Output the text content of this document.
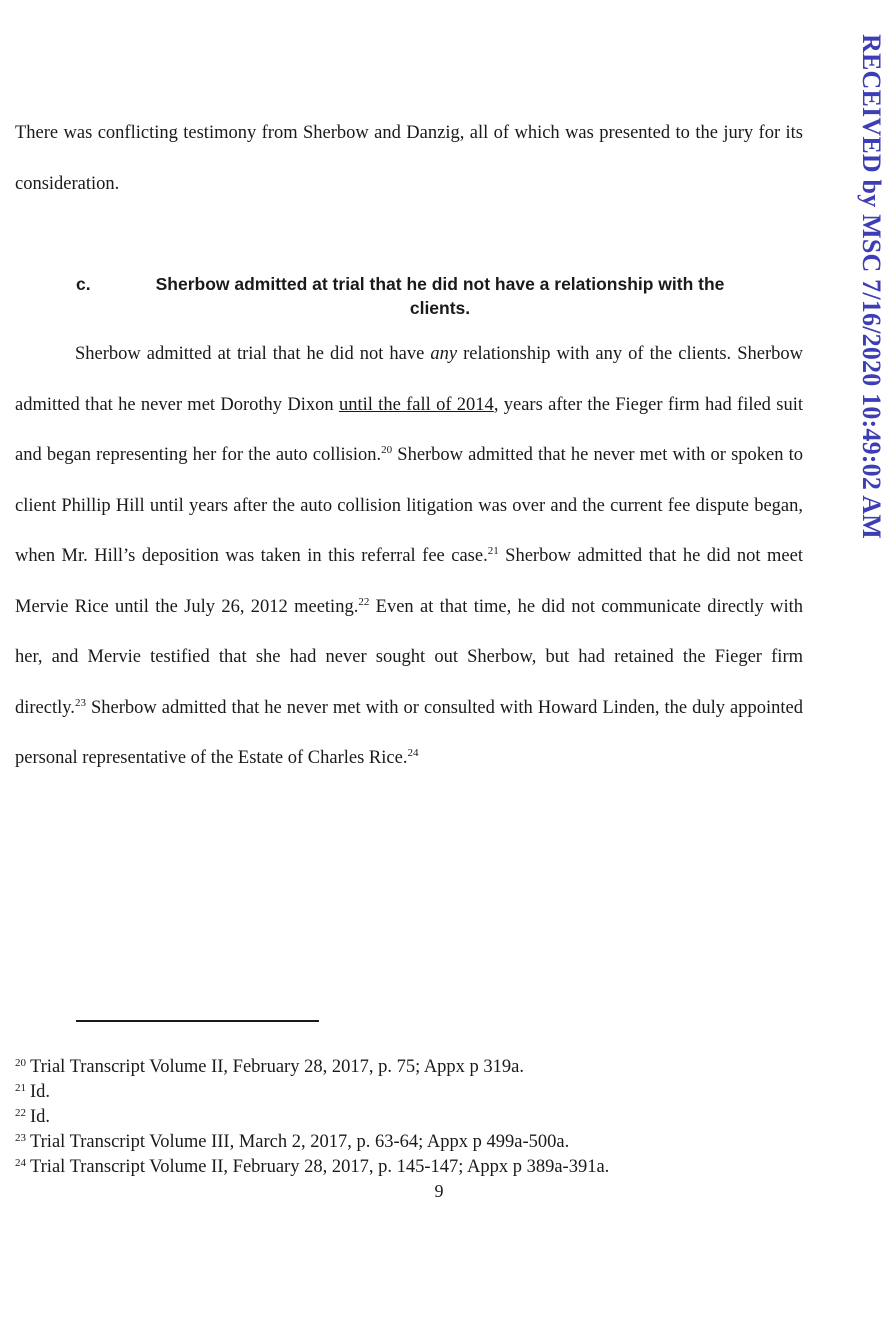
RECEIVED by MSC 7/16/2020 10:49:02 AM

There was conflicting testimony from Sherbow and Danzig, all of which was presented to the jury for its consideration.

c.	Sherbow admitted at trial that he did not have a relationship with the clients.

Sherbow admitted at trial that he did not have any relationship with any of the clients. Sherbow admitted that he never met Dorothy Dixon until the fall of 2014, years after the Fieger firm had filed suit and began representing her for the auto collision.$^{20}$ Sherbow admitted that he never met with or spoken to client Phillip Hill until years after the auto collision litigation was over and the current fee dispute began, when Mr. Hill’s deposition was taken in this referral fee case.$^{21}$ Sherbow admitted that he did not meet Mervie Rice until the July 26, 2012 meeting.$^{22}$ Even at that time, he did not communicate directly with her, and Mervie testified that she had never sought out Sherbow, but had retained the Fieger firm directly.$^{23}$ Sherbow admitted that he never met with or consulted with Howard Linden, the duly appointed personal representative of the Estate of Charles Rice.$^{24}$

$^{20}$ Trial Transcript Volume II, February 28, 2017, p. 75; Appx p 319a.
$^{21}$ Id.
$^{22}$ Id.
$^{23}$ Trial Transcript Volume III, March 2, 2017, p. 63-64; Appx p 499a-500a.
$^{24}$ Trial Transcript Volume II, February 28, 2017, p. 145-147; Appx p 389a-391a.
9
